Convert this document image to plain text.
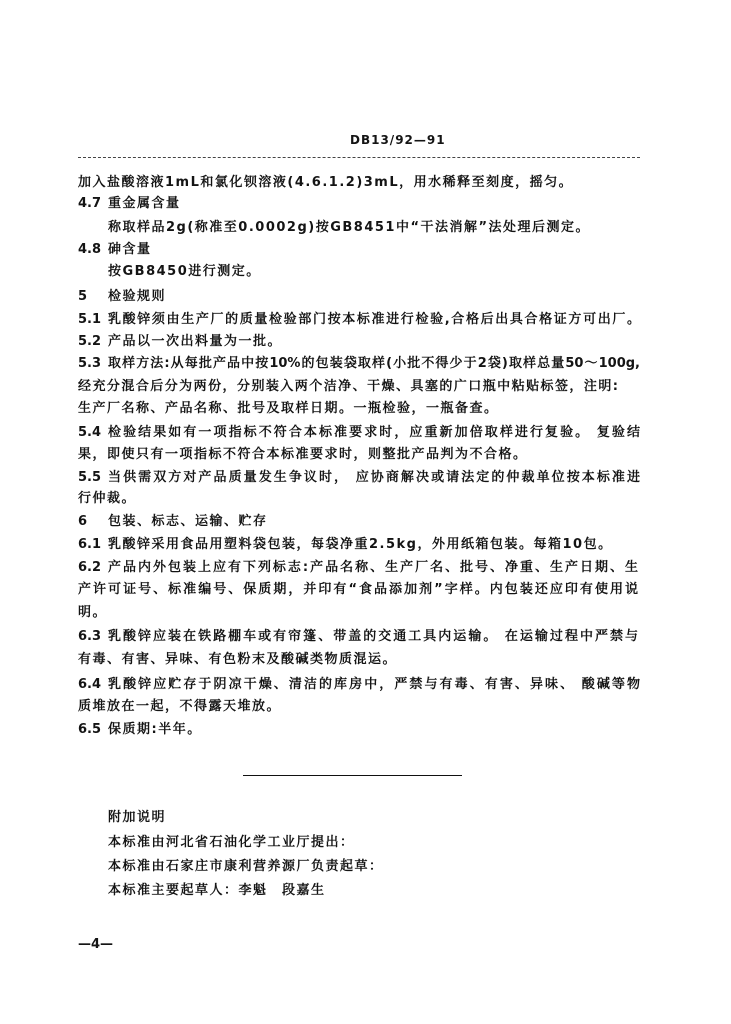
DB13/92—91
加入盐酸溶液1mL和氯化钡溶液(4.6.1.2)3mL，用水稀释至刻度，摇匀。
4.7 重金属含量
称取样品2g(称准至0.0002g)按GB8451中“干法消解”法处理后测定。
4.8 砷含量
按GB8450进行测定。
5 检验规则
5.1 乳酸锌须由生产厂的质量检验部门按本标准进行检验,合格后出具合格证方可出厂。
5.2 产品以一次出料量为一批。
5.3 取样方法:从每批产品中按10%的包装袋取样(小批不得少于2袋)取样总量50～100g,
经充分混合后分为两份，分别装入两个洁净、干燥、具塞的广口瓶中粘贴标签，注明:
生产厂名称、产品名称、批号及取样日期。一瓶检验，一瓶备查。
5.4 检验结果如有一项指标不符合本标准要求时，应重新加倍取样进行复验。 复验结
果，即使只有一项指标不符合本标准要求时，则整批产品判为不合格。
5.5 当供需双方对产品质量发生争议时， 应协商解决或请法定的仲裁单位按本标准进
行仲裁。
6 包装、标志、运输、贮存
6.1 乳酸锌采用食品用塑料袋包装，每袋净重2.5kg，外用纸箱包装。每箱10包。
6.2 产品内外包装上应有下列标志:产品名称、生产厂名、批号、净重、生产日期、生
产许可证号、标准编号、保质期，并印有“食品添加剂”字样。内包装还应印有使用说
明。
6.3 乳酸锌应装在铁路棚车或有帘篷、带盖的交通工具内运输。 在运输过程中严禁与
有毒、有害、异味、有色粉末及酸碱类物质混运。
6.4 乳酸锌应贮存于阴凉干燥、清洁的库房中，严禁与有毒、有害、异味、 酸碱等物
质堆放在一起，不得露天堆放。
6.5 保质期:半年。
附加说明
本标准由河北省石油化学工业厅提出：
本标准由石家庄市康利营养源厂负责起草：
本标准主要起草人：李魁　段嘉生
—4—
